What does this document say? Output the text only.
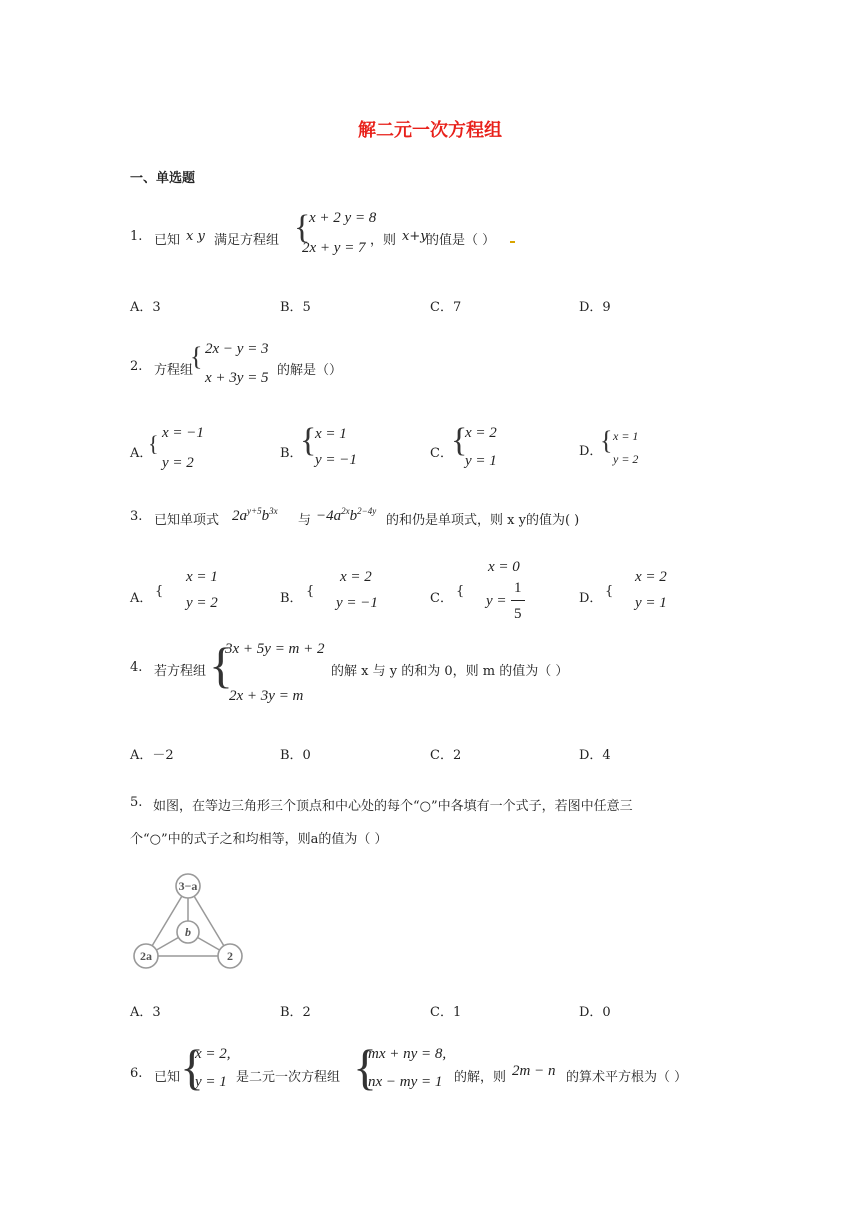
解二元一次方程组
一、单选题
1. 已知 x y 满足方程组 {
x + 2 y = 8
2x + y = 7 ，则 x+y
的值是（ ）
A．3	B．5	C．7	D．9
2. 方程组
{ 2x − y = 3
x + 3y = 5 的解是（）
A．
{ x = −1
y = 2
B．
{
x = 1
y = −1	C．
{
x = 2
y = 1
D．
{ x = 1
y = 2
3. 已知单项式 $2a^{y+5}b^{3x}$
与 $-4a^{2x}b^{2-4y}$
的和仍是单项式，则 x y的值为( )
A． {
x = 1
y = 2	B． {
x = 2
y = −1	C． {
x = 0
y =
1
5
D． {
x = 2
y = 1
4. 若方程组 {
3x + 5y = m + 2
2x + 3y = m
的解 x 与 y 的和为 0，则 m 的值为（ ）
A．－2	B．0	C．2	D．4
5. 如图，在等边三角形三个顶点和中心处的每个“○”中各填有一个式子，若图中任意三
个“○”中的式子之和均相等，则a的值为（ ）
3−a
b
2a	2
A．3	B．2	C．1	D．0
6. 已知 {
x = 2,
y = 1 是二元一次方程组 {
mx + ny = 8,
nx − my = 1 的解，则 2m − n 的算术平方根为（ ）
